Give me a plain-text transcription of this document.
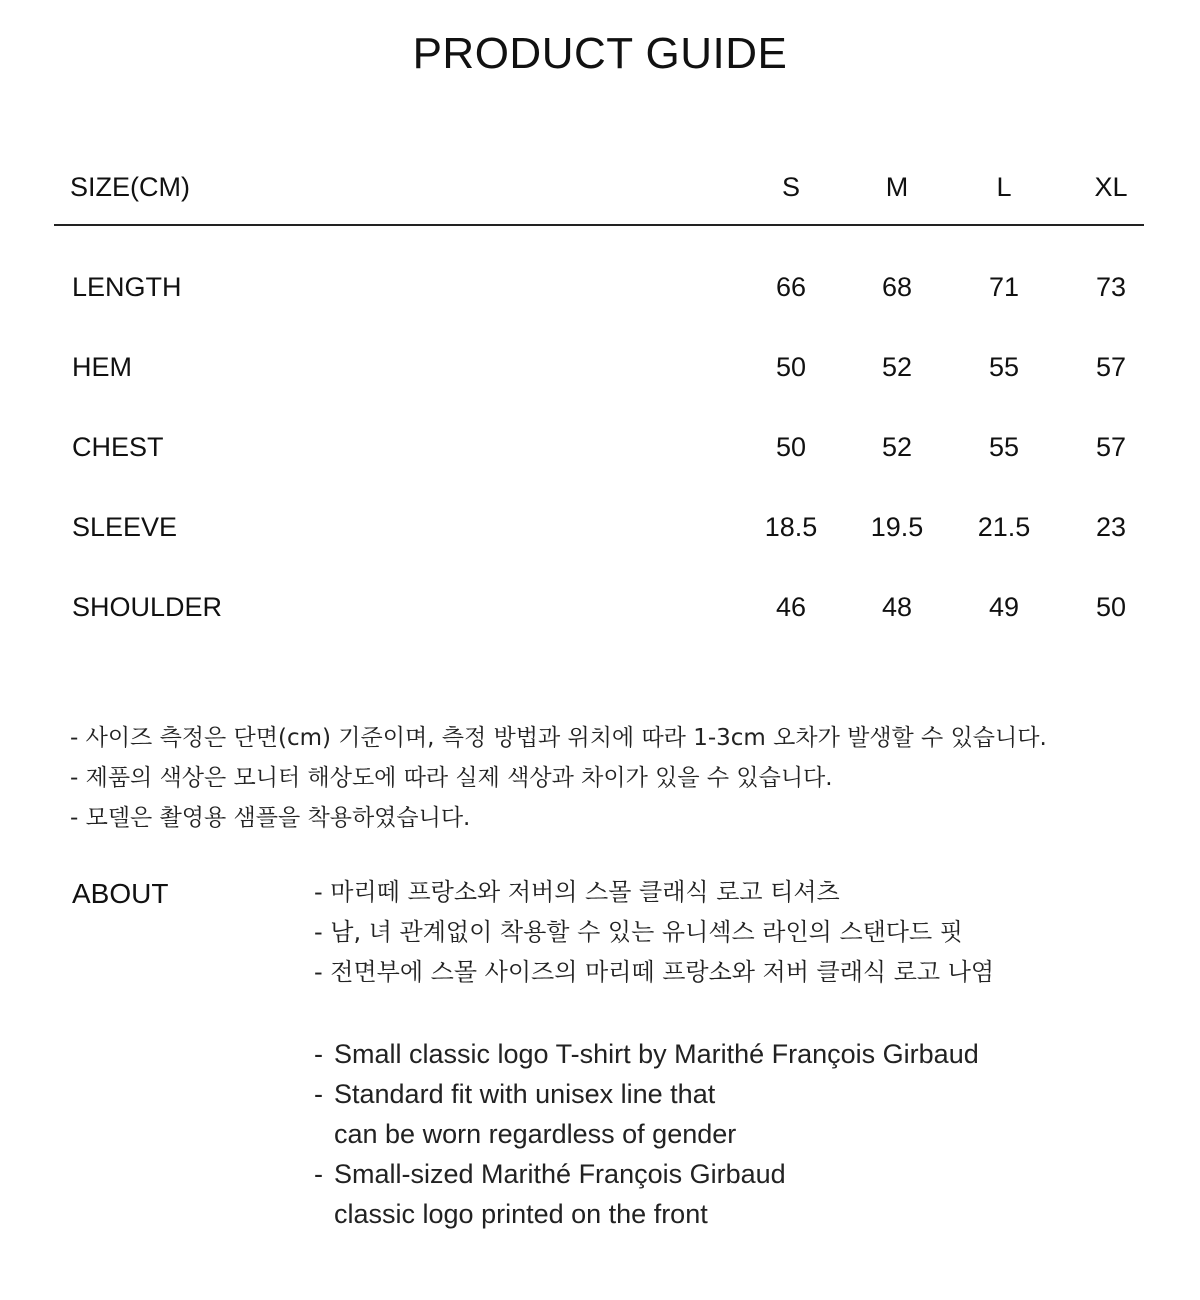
PRODUCT GUIDE
SIZE(CM)	S	M	L	XL
LENGTH	66	68	71	73
HEM	50	52	55	57
CHEST	50	52	55	57
SLEEVE	18.5	19.5	21.5	23
SHOULDER	46	48	49	50
- 사이즈 측정은 단면(cm) 기준이며, 측정 방법과 위치에 따라 1-3cm 오차가 발생할 수 있습니다.
- 제품의 색상은 모니터 해상도에 따라 실제 색상과 차이가 있을 수 있습니다.
- 모델은 촬영용 샘플을 착용하였습니다.
ABOUT	- 마리떼 프랑소와 저버의 스몰 클래식 로고 티셔츠
- 남, 녀 관계없이 착용할 수 있는 유니섹스 라인의 스탠다드 핏
- 전면부에 스몰 사이즈의 마리떼 프랑소와 저버 클래식 로고 나염
- Small classic logo T-shirt by Marithé François Girbaud
- Standard fit with unisex line that
can be worn regardless of gender
- Small-sized Marithé François Girbaud
classic logo printed on the front
